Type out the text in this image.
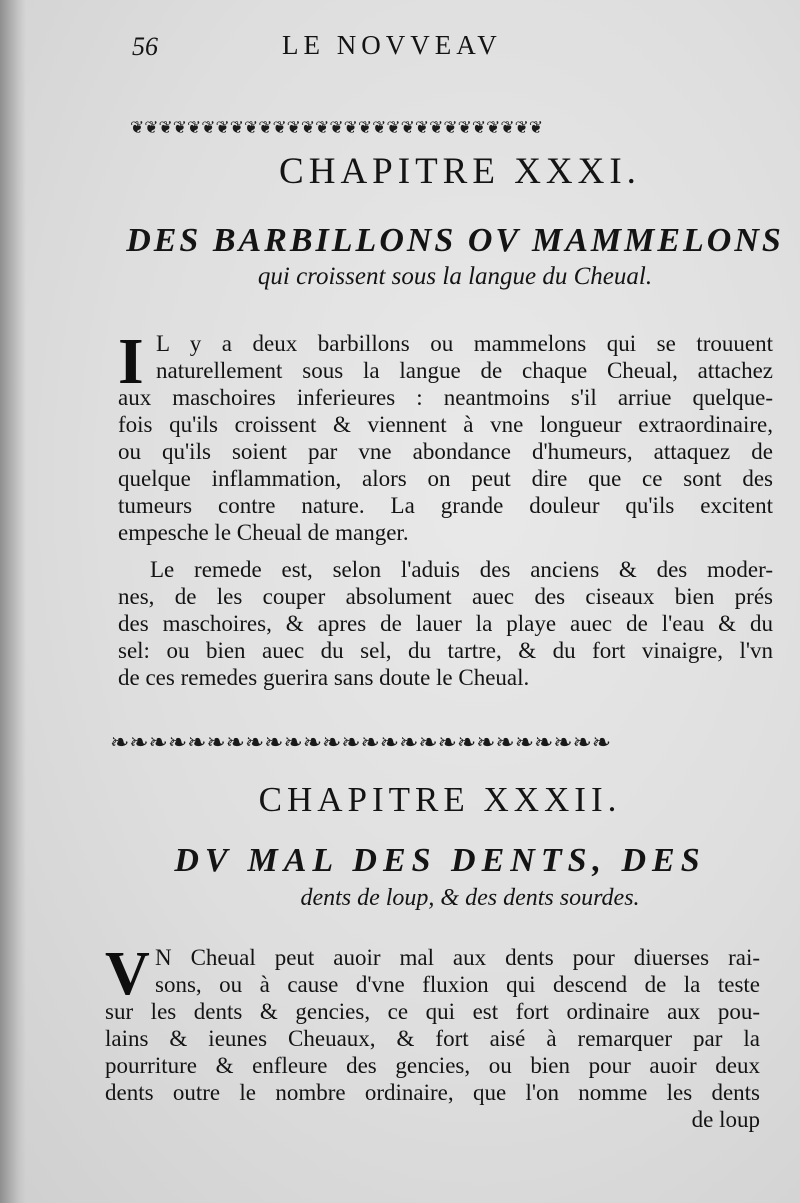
56	LE NOVVEAV
❦❦❦❦❦❦❦❦❦❦❦❦❦❦❦❦❦❦❦❦❦❦❦❦❦❦❦❦❦
CHAPITRE XXXI.
DES BARBILLONS OV MAMMELONS
qui croissent sous la langue du Cheual.
I L y a deux barbillons ou mammelons qui se trouuent
naturellement sous la langue de chaque Cheual, attachez
aux maschoires inferieures : neantmoins s'il arriue quelque-
fois qu'ils croissent & viennent à vne longueur extraordinaire,
ou qu'ils soient par vne abondance d'humeurs, attaquez de
quelque inflammation, alors on peut dire que ce sont des
tumeurs contre nature. La grande douleur qu'ils excitent
empesche le Cheual de manger.
Le remede est, selon l'aduis des anciens & des moder-
nes, de les couper absolument auec des ciseaux bien prés
des maschoires, & apres de lauer la playe auec de l'eau & du
sel: ou bien auec du sel, du tartre, & du fort vinaigre, l'vn
de ces remedes guerira sans doute le Cheual.
❧❧❧❧❧❧❧❧❧❧❧❧❧❧❧❧❧❧❧❧❧❧❧❧❧❧
CHAPITRE XXXII.
DV MAL DES DENTS, DES
dents de loup, & des dents sourdes.
V N Cheual peut auoir mal aux dents pour diuerses rai-
sons, ou à cause d'vne fluxion qui descend de la teste
sur les dents & gencies, ce qui est fort ordinaire aux pou-
lains & ieunes Cheuaux, & fort aisé à remarquer par la
pourriture & enfleure des gencies, ou bien pour auoir deux
dents outre le nombre ordinaire, que l'on nomme les dents
de loup
